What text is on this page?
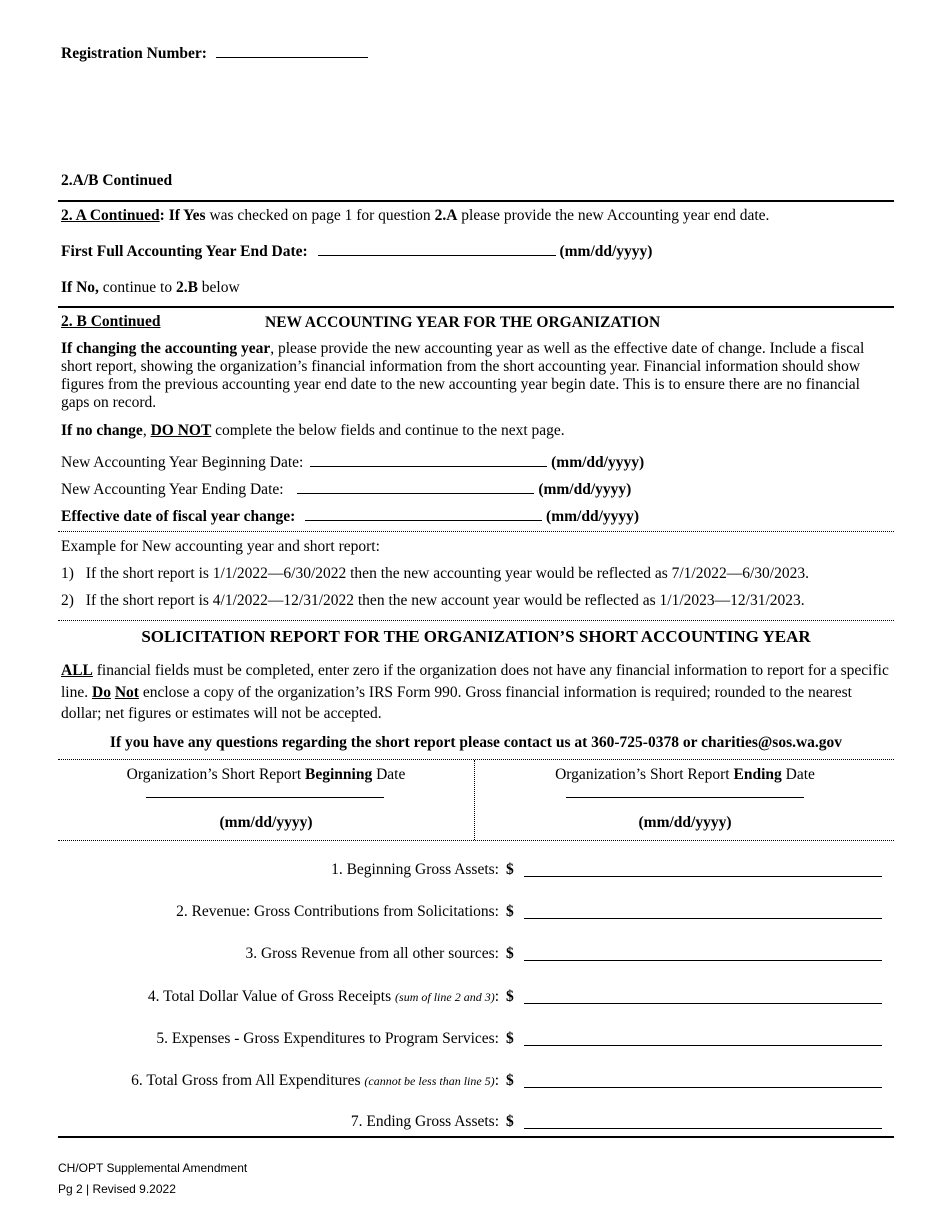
Registration Number:
2.A/B Continued
2. A Continued: If Yes was checked on page 1 for question 2.A please provide the new Accounting year end date.
First Full Accounting Year End Date:	(mm/dd/yyyy)
If No, continue to 2.B below
2. B Continued	NEW ACCOUNTING YEAR FOR THE ORGANIZATION
If changing the accounting year, please provide the new accounting year as well as the effective date of change. Include a fiscal short report, showing the organization’s financial information from the short accounting year. Financial information should show figures from the previous accounting year end date to the new accounting year begin date. This is to ensure there are no financial gaps on record.
If no change, DO NOT complete the below fields and continue to the next page.
New Accounting Year Beginning Date:	(mm/dd/yyyy)
New Accounting Year Ending Date:	(mm/dd/yyyy)
Effective date of fiscal year change:	(mm/dd/yyyy)
Example for New accounting year and short report:
1) If the short report is 1/1/2022—6/30/2022 then the new accounting year would be reflected as 7/1/2022—6/30/2023.
2) If the short report is 4/1/2022—12/31/2022 then the new account year would be reflected as 1/1/2023—12/31/2023.
SOLICITATION REPORT FOR THE ORGANIZATION’S SHORT ACCOUNTING YEAR
ALL financial fields must be completed, enter zero if the organization does not have any financial information to report for a specific line. Do Not enclose a copy of the organization’s IRS Form 990. Gross financial information is required; rounded to the nearest dollar; net figures or estimates will not be accepted.
If you have any questions regarding the short report please contact us at 360-725-0378 or charities@sos.wa.gov
Organization’s Short Report Beginning Date
(mm/dd/yyyy)
Organization’s Short Report Ending Date
(mm/dd/yyyy)
1. Beginning Gross Assets: $
2. Revenue: Gross Contributions from Solicitations: $
3. Gross Revenue from all other sources: $
4. Total Dollar Value of Gross Receipts (sum of line 2 and 3): $
5. Expenses - Gross Expenditures to Program Services: $
6. Total Gross from All Expenditures (cannot be less than line 5): $
7. Ending Gross Assets: $
CH/OPT Supplemental Amendment
Pg 2 | Revised 9.2022
